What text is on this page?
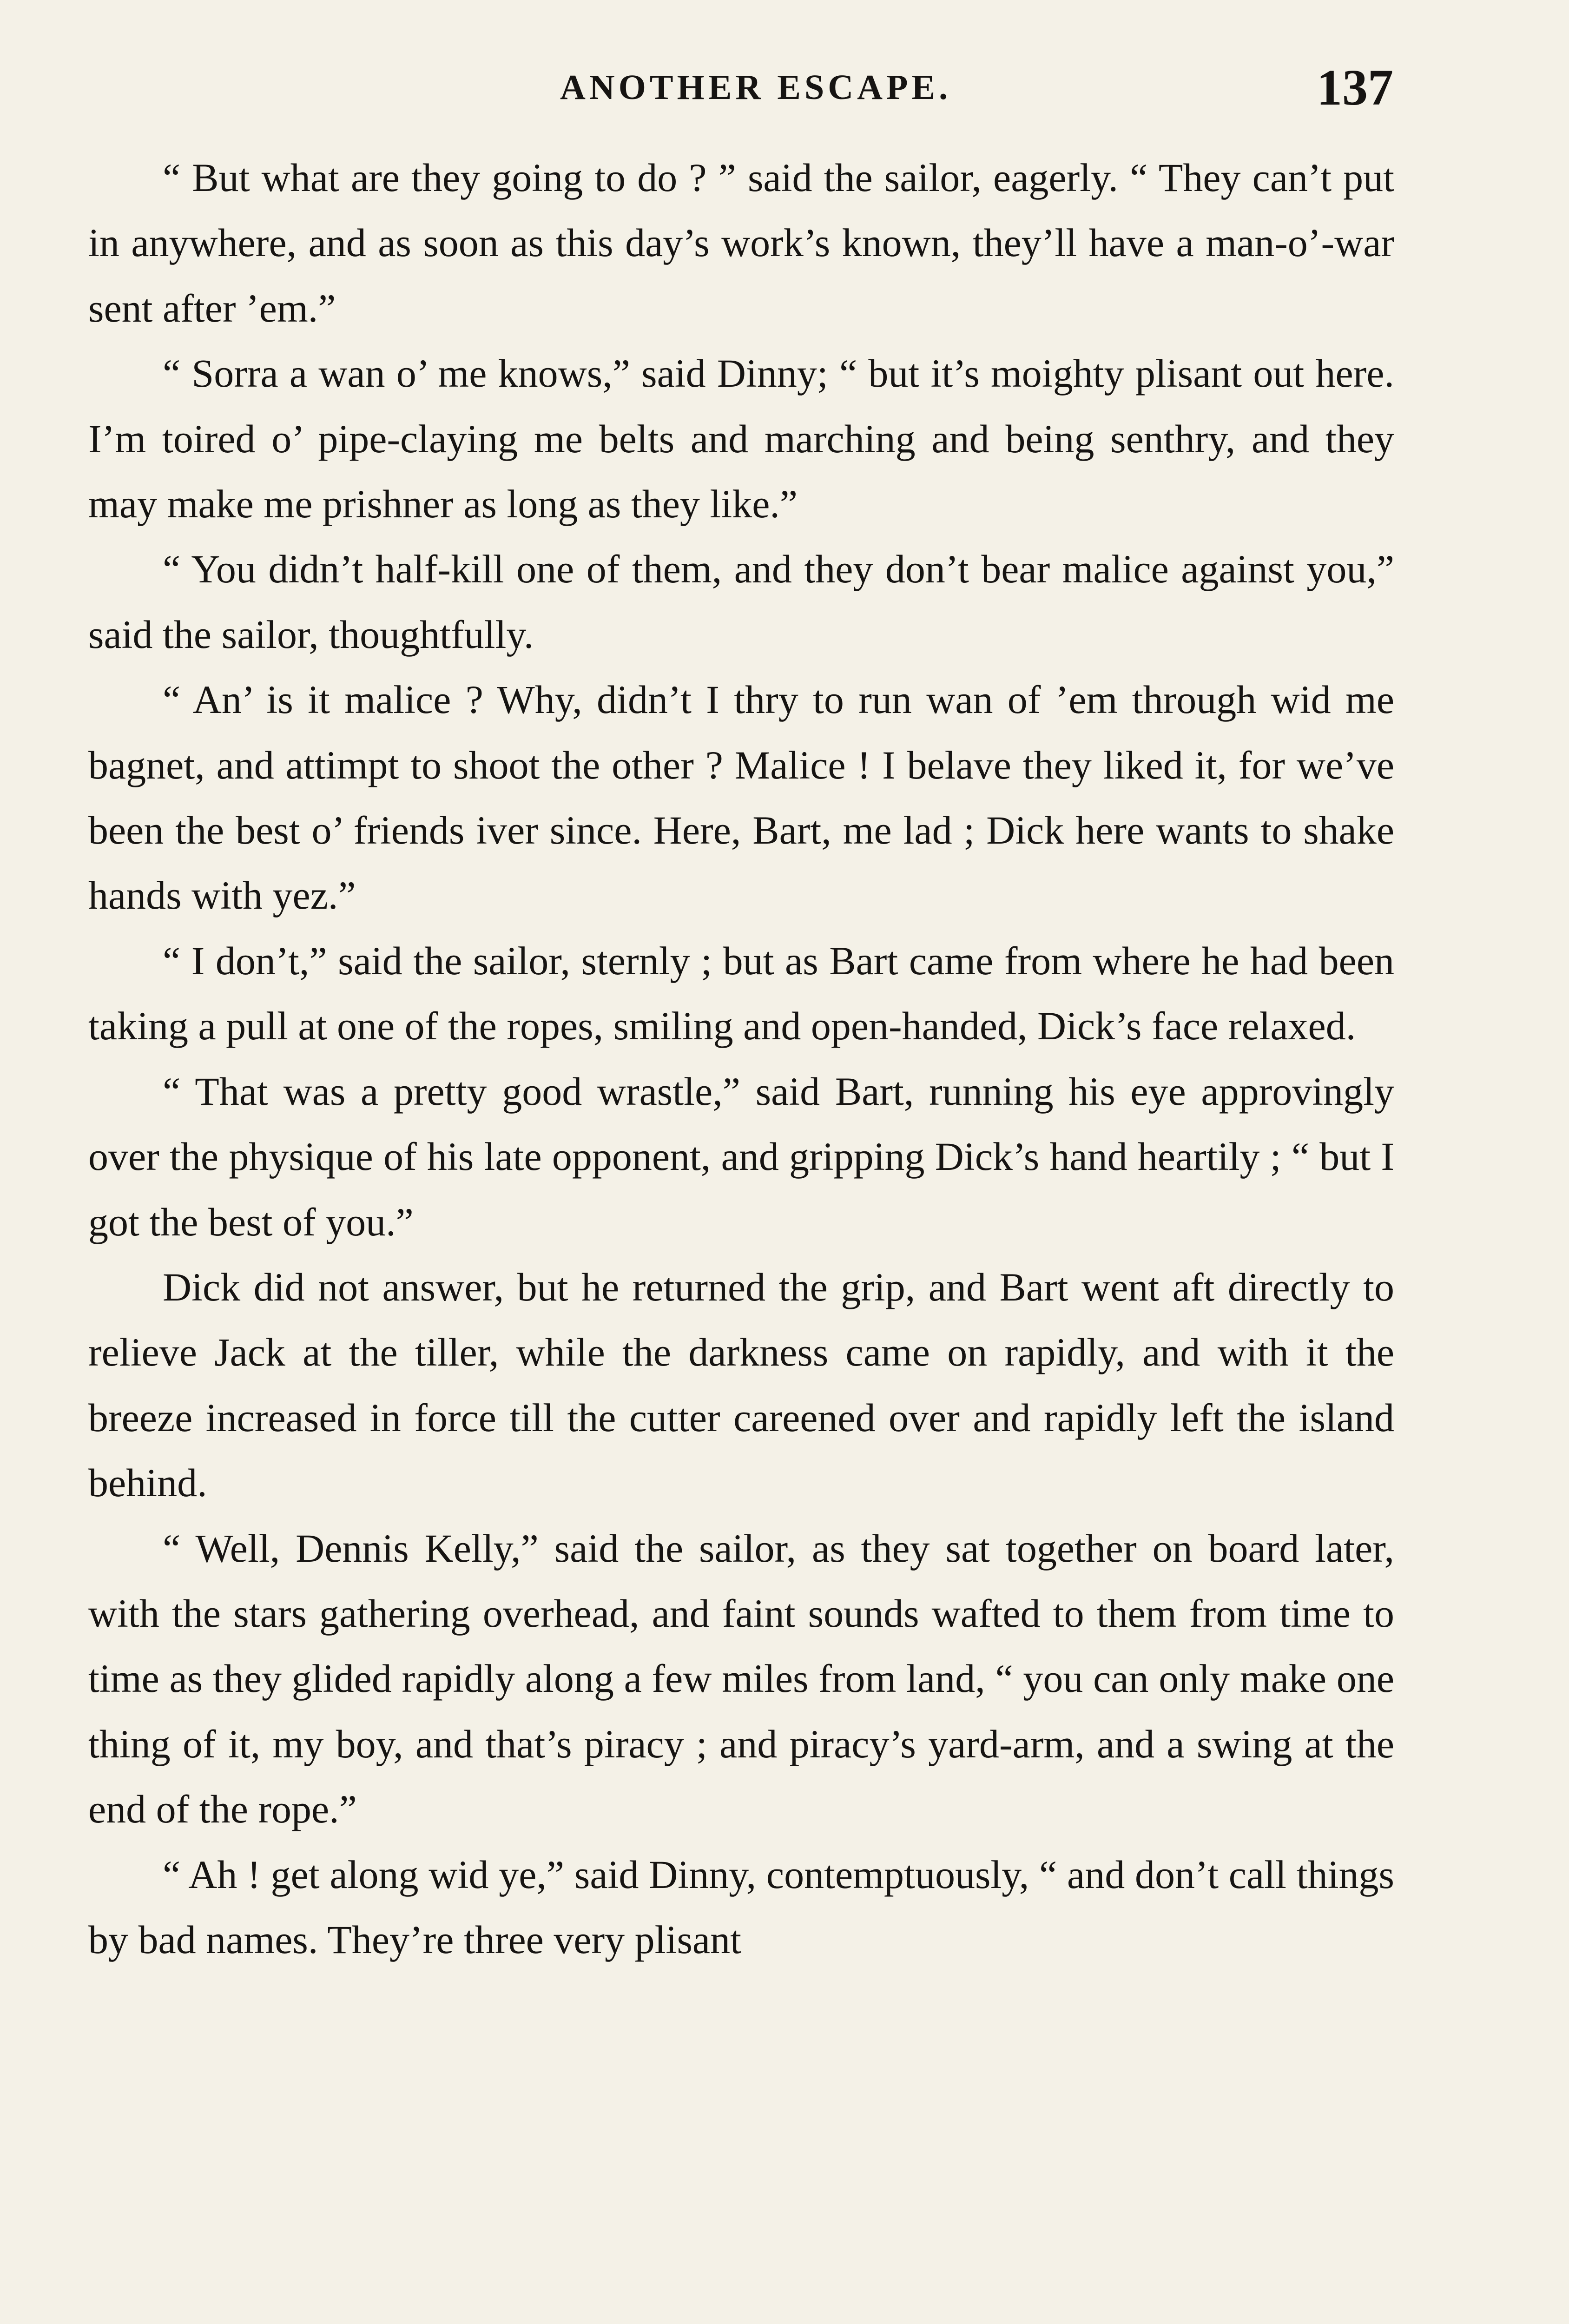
ANOTHER ESCAPE.	137

“ But what are they going to do ? ” said the sailor, eagerly. “ They can’t put in anywhere, and as soon as this day’s work’s known, they’ll have a man-o’-war sent after ’em.”

“ Sorra a wan o’ me knows,” said Dinny; “ but it’s moighty plisant out here. I’m toired o’ pipe-claying me belts and marching and being senthry, and they may make me prishner as long as they like.”

“ You didn’t half-kill one of them, and they don’t bear malice against you,” said the sailor, thoughtfully.

“ An’ is it malice ? Why, didn’t I thry to run wan of ’em through wid me bagnet, and attimpt to shoot the other ? Malice ! I belave they liked it, for we’ve been the best o’ friends iver since. Here, Bart, me lad ; Dick here wants to shake hands with yez.”

“ I don’t,” said the sailor, sternly ; but as Bart came from where he had been taking a pull at one of the ropes, smiling and open-handed, Dick’s face relaxed.

“ That was a pretty good wrastle,” said Bart, running his eye approvingly over the physique of his late opponent, and gripping Dick’s hand heartily ; “ but I got the best of you.”

Dick did not answer, but he returned the grip, and Bart went aft directly to relieve Jack at the tiller, while the darkness came on rapidly, and with it the breeze increased in force till the cutter careened over and rapidly left the island behind.

“ Well, Dennis Kelly,” said the sailor, as they sat together on board later, with the stars gathering overhead, and faint sounds wafted to them from time to time as they glided rapidly along a few miles from land, “ you can only make one thing of it, my boy, and that’s piracy ; and piracy’s yard-arm, and a swing at the end of the rope.”

“ Ah ! get along wid ye,” said Dinny, contemptuously, “ and don’t call things by bad names. They’re three very plisant
